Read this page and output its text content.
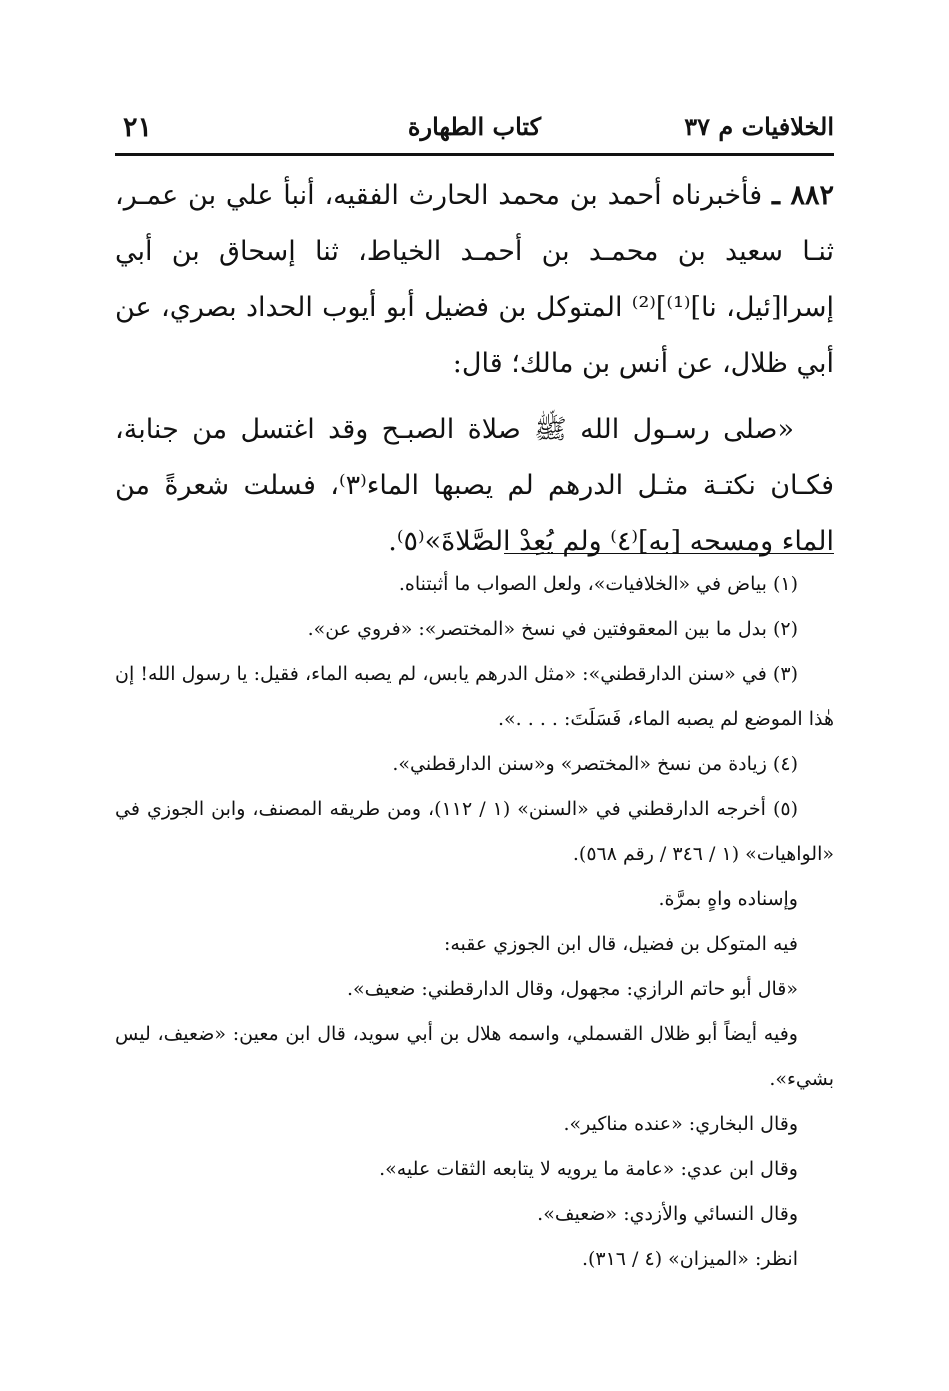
الخلافيات م ٣٧
كتاب الطهارة
٢١

٨٨٢ ـ فأخبرناه أحمد بن محمد الحارث الفقيه، أنبأ علي بن عمـر، ثنـا سعيد بن محمـد بن أحمـد الخياط، ثنا إسحاق بن أبي إسرا[ئيل، نا]⁽¹⁾]⁽²⁾ المتوكل بن فضيل أبو أيوب الحداد بصري، عن أبي ظلال، عن أنس بن مالك؛ قال:

«صلى رسـول الله ﷺ صلاة الصبـح وقد اغتسل من جنابة، فكـان نكتـة مثـل الدرهم لم يصبها الماء⁽٣⁾، فسلت شعرةً من الماء ومسحه [به]⁽٤⁾ ولم يُعِدْ الصَّلاةَ»⁽٥⁾.

(١) بياض في «الخلافيات»، ولعل الصواب ما أثبتناه.

(٢) بدل ما بين المعقوفتين في نسخ «المختصر»: «فروي عن».

(٣) في «سنن الدارقطني»: «مثل الدرهم يابس، لم يصبه الماء، فقيل: يا رسول الله! إن هٰذا الموضع لم يصبه الماء، فَسَلَتَ: . . . .».

(٤) زيادة من نسخ «المختصر» و«سنن الدارقطني».

(٥) أخرجه الدارقطني في «السنن» (١ / ١١٢)، ومن طريقه المصنف، وابن الجوزي في «الواهيات» (١ / ٣٤٦ / رقم ٥٦٨).

وإسناده واهٍ بمرَّة.

فيه المتوكل بن فضيل، قال ابن الجوزي عقبه:

«قال أبو حاتم الرازي: مجهول، وقال الدارقطني: ضعيف».

وفيه أيضاً أبو ظلال القسملي، واسمه هلال بن أبي سويد، قال ابن معين: «ضعيف، ليس بشيء».

وقال البخاري: «عنده مناكير».

وقال ابن عدي: «عامة ما يرويه لا يتابعه الثقات عليه».

وقال النسائي والأزدي: «ضعيف».

انظر: «الميزان» (٤ / ٣١٦).
